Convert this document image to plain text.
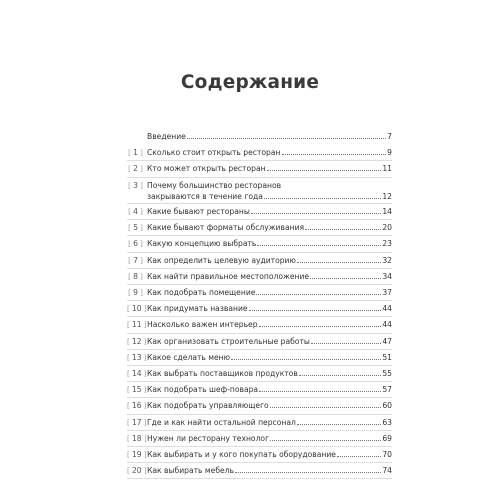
Содержание
Введение	7
[ 1 ] Сколько стоит открыть ресторан	9
[ 2 ] Кто может открыть ресторан	11
[ 3 ] Почему большинство ресторанов
закрываются в течение года	12
[ 4 ] Какие бывают рестораны	14
[ 5 ] Какие бывают форматы обслуживания	20
[ 6 ] Какую концепцию выбрать	23
[ 7 ] Как определить целевую аудиторию	32
[ 8 ] Как найти правильное местоположение	34
[ 9 ] Как подобрать помещение	37
[ 10 ] Как придумать название	44
[ 11 ] Насколько важен интерьер	44
[ 12 ] Как организовать строительные работы	47
[ 13 ] Какое сделать меню	51
[ 14 ] Как выбрать поставщиков продуктов	55
[ 15 ] Как подобрать шеф-повара	57
[ 16 ] Как подобрать управляющего	60
[ 17 ] Где и как найти остальной персонал	63
[ 18 ] Нужен ли ресторану технолог	69
[ 19 ] Как выбирать и у кого покупать оборудование	70
[ 20 ] Как выбирать мебель	74
